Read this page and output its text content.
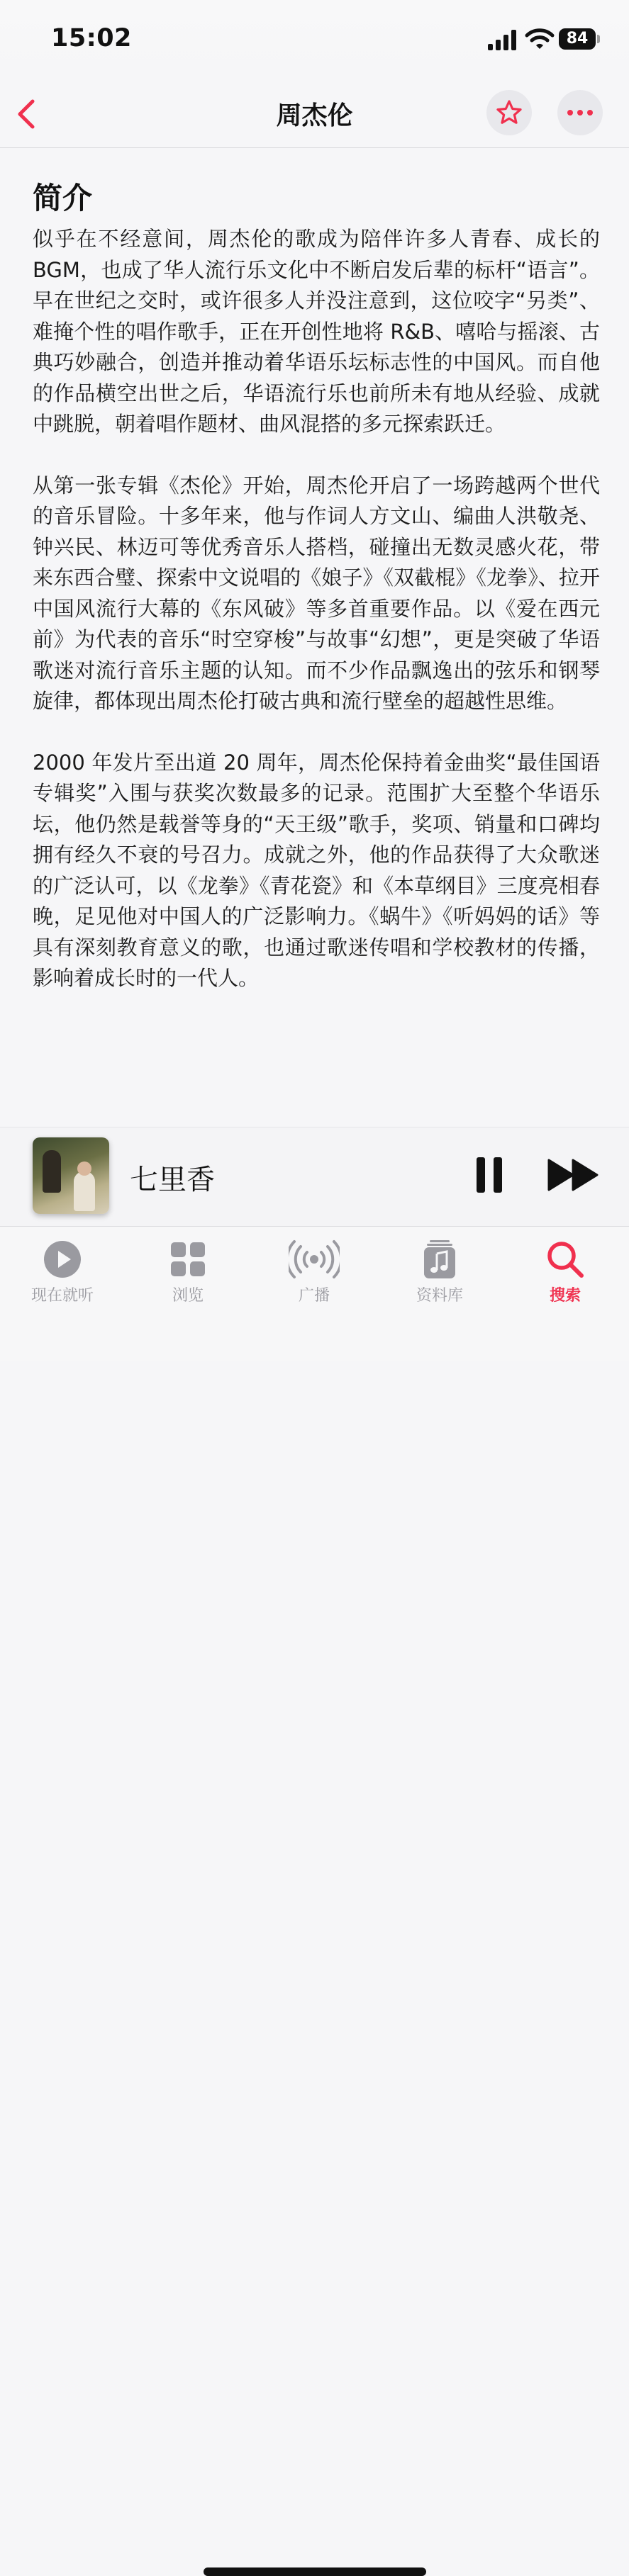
15:02	84
周杰伦
简介

似乎在不经意间，周杰伦的歌成为陪伴许多人青春、成长的 BGM，也成了华人流行乐文化中不断启发后辈的标杆“语言”。早在世纪之交时，或许很多人并没注意到，这位咬字“另类”、难掩个性的唱作歌手，正在开创性地将 R&B、嘻哈与摇滚、古典巧妙融合，创造并推动着华语乐坛标志性的中国风。而自他的作品横空出世之后，华语流行乐也前所未有地从经验、成就中跳脱，朝着唱作题材、曲风混搭的多元探索跃迁。

从第一张专辑《杰伦》开始，周杰伦开启了一场跨越两个世代的音乐冒险。十多年来，他与作词人方文山、编曲人洪敬尧、钟兴民、林迈可等优秀音乐人搭档，碰撞出无数灵感火花，带来东西合璧、探索中文说唱的《娘子》《双截棍》《龙拳》、拉开中国风流行大幕的《东风破》等多首重要作品。以《爱在西元前》为代表的音乐“时空穿梭”与故事“幻想”，更是突破了华语歌迷对流行音乐主题的认知。而不少作品飘逸出的弦乐和钢琴旋律，都体现出周杰伦打破古典和流行壁垒的超越性思维。

2000 年发片至出道 20 周年，周杰伦保持着金曲奖“最佳国语专辑奖”入围与获奖次数最多的记录。范围扩大至整个华语乐坛，他仍然是载誉等身的“天王级”歌手，奖项、销量和口碑均拥有经久不衰的号召力。成就之外，他的作品获得了大众歌迷的广泛认可，以《龙拳》《青花瓷》和《本草纲目》三度亮相春晚，足见他对中国人的广泛影响力。《蜗牛》《听妈妈的话》等具有深刻教育意义的歌，也通过歌迷传唱和学校教材的传播，影响着成长时的一代人。

七里香
现在就听	浏览	广播	资料库	搜索
